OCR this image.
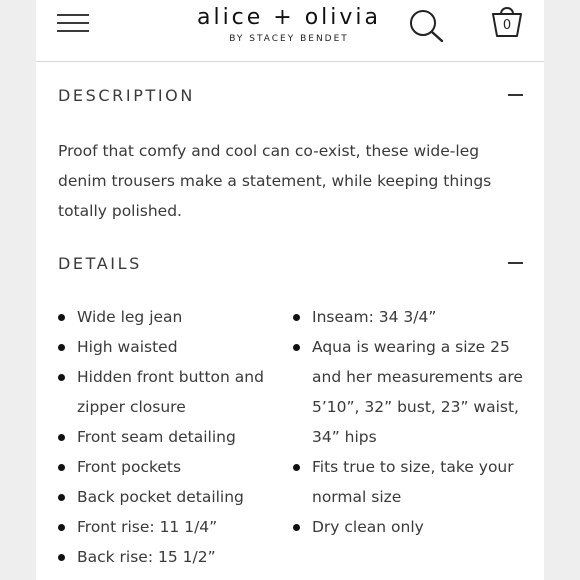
alice + olivia
BY STACEY BENDET
0
DESCRIPTION
Proof that comfy and cool can co-exist, these wide-leg denim trousers make a statement, while keeping things totally polished.
DETAILS
Wide leg jean
High waisted
Hidden front button and zipper closure
Front seam detailing
Front pockets
Back pocket detailing
Front rise: 11 1/4”
Back rise: 15 1/2”
Inseam: 34 3/4”
Aqua is wearing a size 25 and her measurements are 5’10”, 32” bust, 23” waist, 34” hips
Fits true to size, take your normal size
Dry clean only
